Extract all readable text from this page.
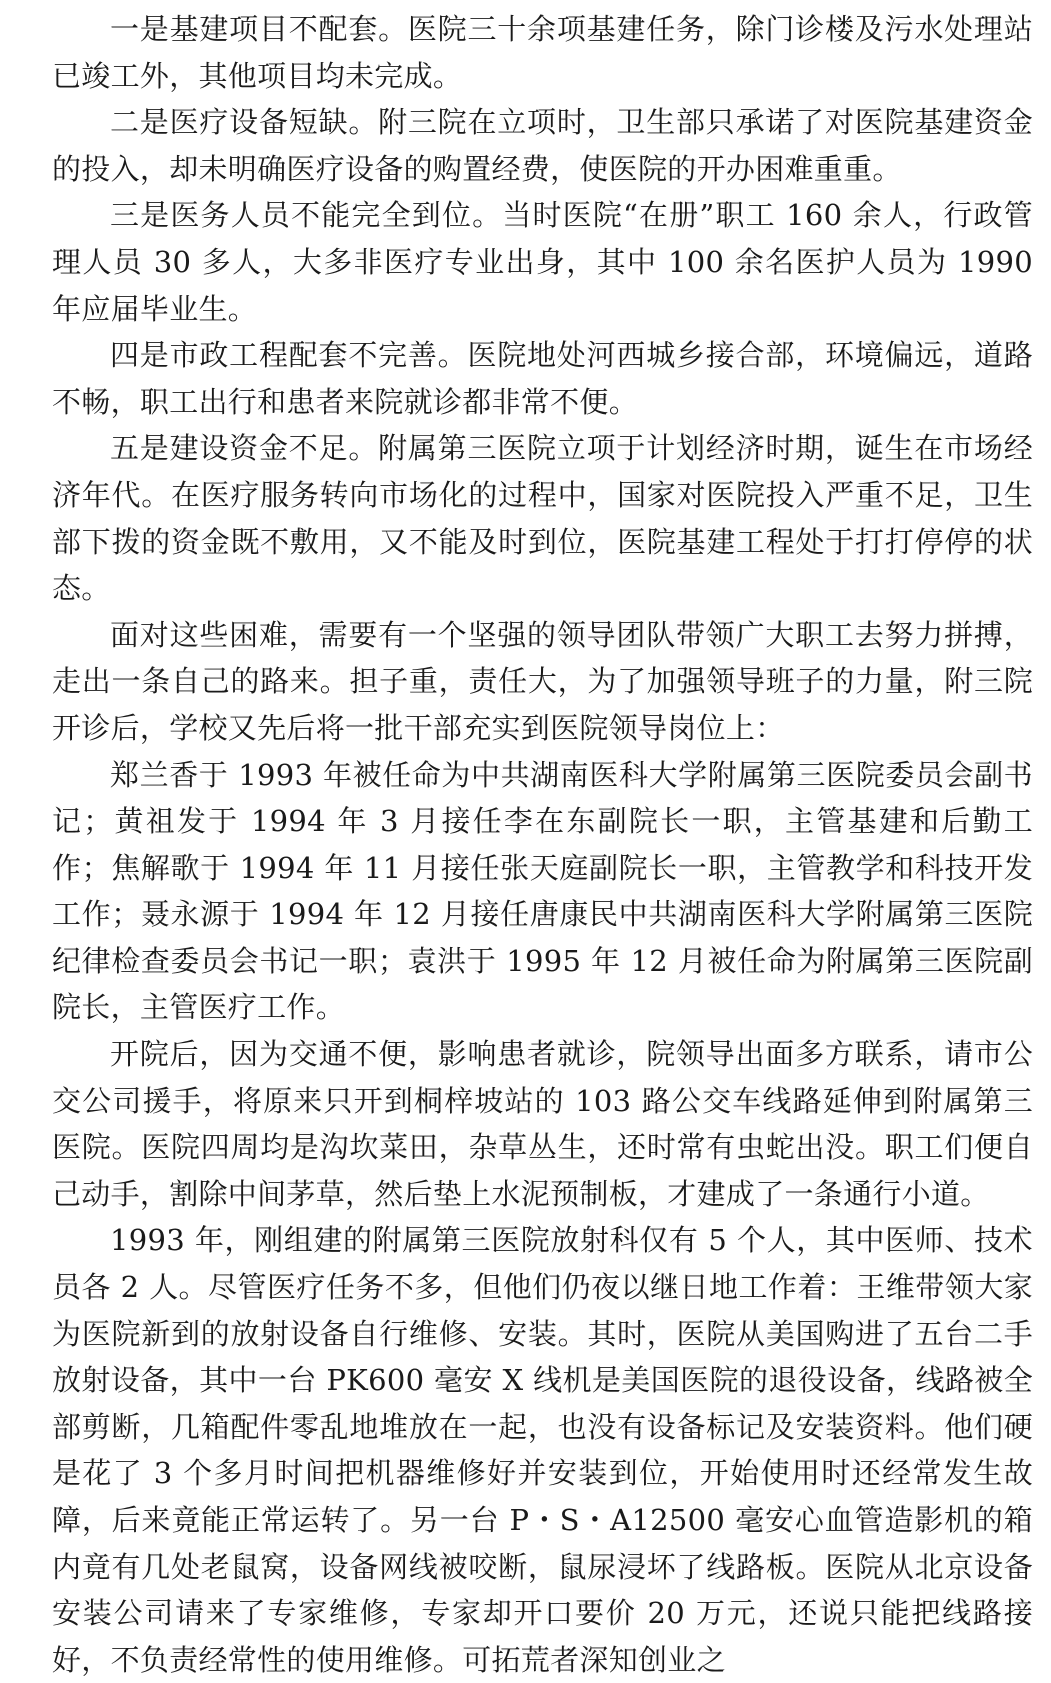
一是基建项目不配套。医院三十余项基建任务，除门诊楼及污水处理站已竣工外，其他项目均未完成。

二是医疗设备短缺。附三院在立项时，卫生部只承诺了对医院基建资金的投入，却未明确医疗设备的购置经费，使医院的开办困难重重。

三是医务人员不能完全到位。当时医院“在册”职工 160 余人，行政管理人员 30 多人，大多非医疗专业出身，其中 100 余名医护人员为 1990 年应届毕业生。

四是市政工程配套不完善。医院地处河西城乡接合部，环境偏远，道路不畅，职工出行和患者来院就诊都非常不便。

五是建设资金不足。附属第三医院立项于计划经济时期，诞生在市场经济年代。在医疗服务转向市场化的过程中，国家对医院投入严重不足，卫生部下拨的资金既不敷用，又不能及时到位，医院基建工程处于打打停停的状态。

面对这些困难，需要有一个坚强的领导团队带领广大职工去努力拼搏，走出一条自己的路来。担子重，责任大，为了加强领导班子的力量，附三院开诊后，学校又先后将一批干部充实到医院领导岗位上：

郑兰香于 1993 年被任命为中共湖南医科大学附属第三医院委员会副书记；黄祖发于 1994 年 3 月接任李在东副院长一职，主管基建和后勤工作；焦解歌于 1994 年 11 月接任张天庭副院长一职，主管教学和科技开发工作；聂永源于 1994 年 12 月接任唐康民中共湖南医科大学附属第三医院纪律检查委员会书记一职；袁洪于 1995 年 12 月被任命为附属第三医院副院长，主管医疗工作。

开院后，因为交通不便，影响患者就诊，院领导出面多方联系，请市公交公司援手，将原来只开到桐梓坡站的 103 路公交车线路延伸到附属第三医院。医院四周均是沟坎菜田，杂草丛生，还时常有虫蛇出没。职工们便自己动手，割除中间茅草，然后垫上水泥预制板，才建成了一条通行小道。

1993 年，刚组建的附属第三医院放射科仅有 5 个人，其中医师、技术员各 2 人。尽管医疗任务不多，但他们仍夜以继日地工作着：王维带领大家为医院新到的放射设备自行维修、安装。其时，医院从美国购进了五台二手放射设备，其中一台 PK600 毫安 X 线机是美国医院的退役设备，线路被全部剪断，几箱配件零乱地堆放在一起，也没有设备标记及安装资料。他们硬是花了 3 个多月时间把机器维修好并安装到位，开始使用时还经常发生故障，后来竟能正常运转了。另一台 P・S・A12500 毫安心血管造影机的箱内竟有几处老鼠窝，设备网线被咬断，鼠尿浸坏了线路板。医院从北京设备安装公司请来了专家维修，专家却开口要价 20 万元，还说只能把线路接好，不负责经常性的使用维修。可拓荒者深知创业之
